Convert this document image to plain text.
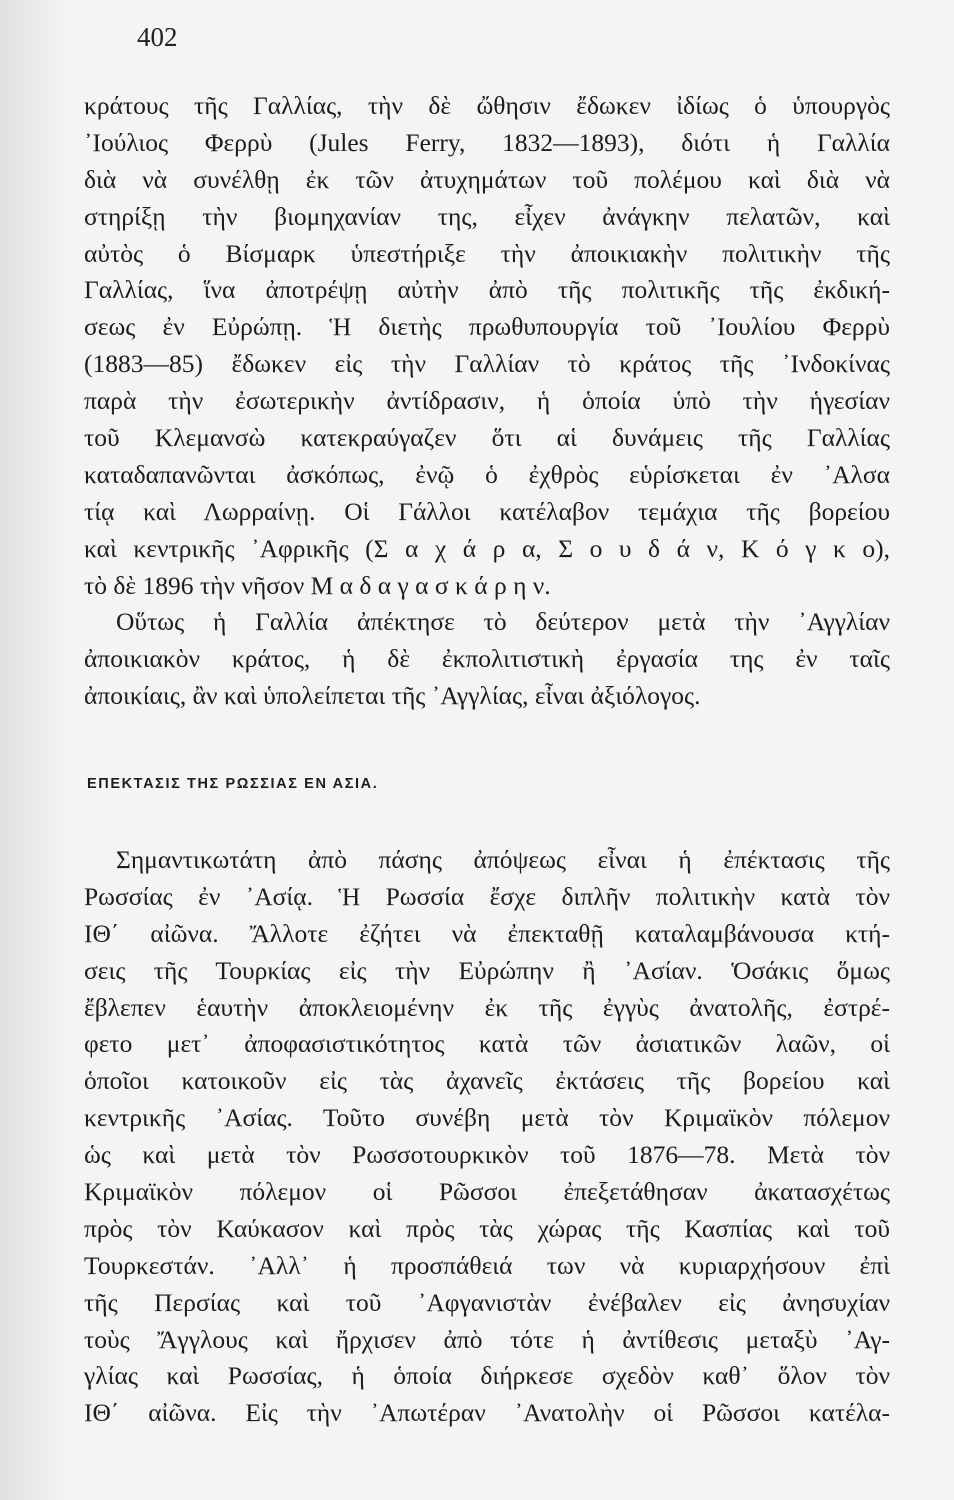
402
κράτους τῆς Γαλλίας, τὴν δὲ ὤθησιν ἔδωκεν ἰδίως ὁ ὑπουργὸς
᾿Ιούλιος Φερρὺ (Jules Ferry, 1832—1893), διότι ἡ Γαλλία
διὰ νὰ συνέλθῃ ἐκ τῶν ἀτυχημάτων τοῦ πολέμου καὶ διὰ νὰ
στηρίξῃ τὴν βιομηχανίαν της, εἶχεν ἀνάγκην πελατῶν, καὶ
αὐτὸς ὁ Βίσμαρκ ὑπεστήριξε τὴν ἀποικιακὴν πολιτικὴν τῆς
Γαλλίας, ἵνα ἀποτρέψῃ αὐτὴν ἀπὸ τῆς πολιτικῆς τῆς ἐκδική-
σεως ἐν Εὐρώπῃ. Ἡ διετὴς πρωθυπουργία τοῦ ᾿Ιουλίου Φερρὺ
(1883—85) ἔδωκεν εἰς τὴν Γαλλίαν τὸ κράτος τῆς ᾿Ινδοκίνας
παρὰ τὴν ἐσωτερικὴν ἀντίδρασιν, ἡ ὁποία ὑπὸ τὴν ἡγεσίαν
τοῦ Κλεμανσὼ κατεκραύγαζεν ὅτι αἱ δυνάμεις τῆς Γαλλίας
καταδαπανῶνται ἀσκόπως, ἐνῷ ὁ ἐχθρὸς εὑρίσκεται ἐν ᾿Αλσα
τίᾳ καὶ Λωρραίνῃ. Οἱ Γάλλοι κατέλαβον τεμάχια τῆς βορείου
καὶ κεντρικῆς ᾿Αφρικῆς (Σ α χ ά ρ α, Σ ο υ δ ά ν, Κ ό γ κ ο),
τὸ δὲ 1896 τὴν νῆσον Μ α δ α γ α σ κ ά ρ η ν.
Οὕτως ἡ Γαλλία ἀπέκτησε τὸ δεύτερον μετὰ τὴν ᾿Αγγλίαν
ἀποικιακὸν κράτος, ἡ δὲ ἐκπολιτιστικὴ ἐργασία της ἐν ταῖς
ἀποικίαις, ἂν καὶ ὑπολείπεται τῆς ᾿Αγγλίας, εἶναι ἀξιόλογος.
ΕΠΕΚΤΑΣΙΣ ΤΗΣ ΡΩΣΣΙΑΣ ΕΝ ΑΣΙΑ.
Σημαντικωτάτη ἀπὸ πάσης ἀπόψεως εἶναι ἡ ἐπέκτασις τῆς
Ρωσσίας ἐν ᾿Ασίᾳ. Ἡ Ρωσσία ἔσχε διπλῆν πολιτικὴν κατὰ τὸν
ΙΘ΄ αἰῶνα. Ἄλλοτε ἐζήτει νὰ ἐπεκταθῇ καταλαμβάνουσα κτή-
σεις τῆς Τουρκίας εἰς τὴν Εὐρώπην ἢ ᾿Ασίαν. Ὁσάκις ὅμως
ἔβλεπεν ἑαυτὴν ἀποκλειομένην ἐκ τῆς ἐγγὺς ἀνατολῆς, ἐστρέ-
φετο μετ᾿ ἀποφασιστικότητος κατὰ τῶν ἀσιατικῶν λαῶν, οἱ
ὁποῖοι κατοικοῦν εἰς τὰς ἀχανεῖς ἐκτάσεις τῆς βορείου καὶ
κεντρικῆς ᾿Ασίας. Τοῦτο συνέβη μετὰ τὸν Κριμαϊκὸν πόλεμον
ὡς καὶ μετὰ τὸν Ρωσσοτουρκικὸν τοῦ 1876—78. Μετὰ τὸν
Κριμαϊκὸν πόλεμον οἱ Ρῶσσοι ἐπεξετάθησαν ἀκατασχέτως
πρὸς τὸν Καύκασον καὶ πρὸς τὰς χώρας τῆς Κασπίας καὶ τοῦ
Τουρκεστάν. ᾿Αλλ᾿ ἡ προσπάθειά των νὰ κυριαρχήσουν ἐπὶ
τῆς Περσίας καὶ τοῦ ᾿Αφγανιστὰν ἐνέβαλεν εἰς ἀνησυχίαν
τοὺς Ἄγγλους καὶ ἤρχισεν ἀπὸ τότε ἡ ἀντίθεσις μεταξὺ ᾿Αγ-
γλίας καὶ Ρωσσίας, ἡ ὁποία διήρκεσε σχεδὸν καθ᾿ ὅλον τὸν
ΙΘ΄ αἰῶνα. Εἰς τὴν ᾿Απωτέραν ᾿Ανατολὴν οἱ Ρῶσσοι κατέλα-
